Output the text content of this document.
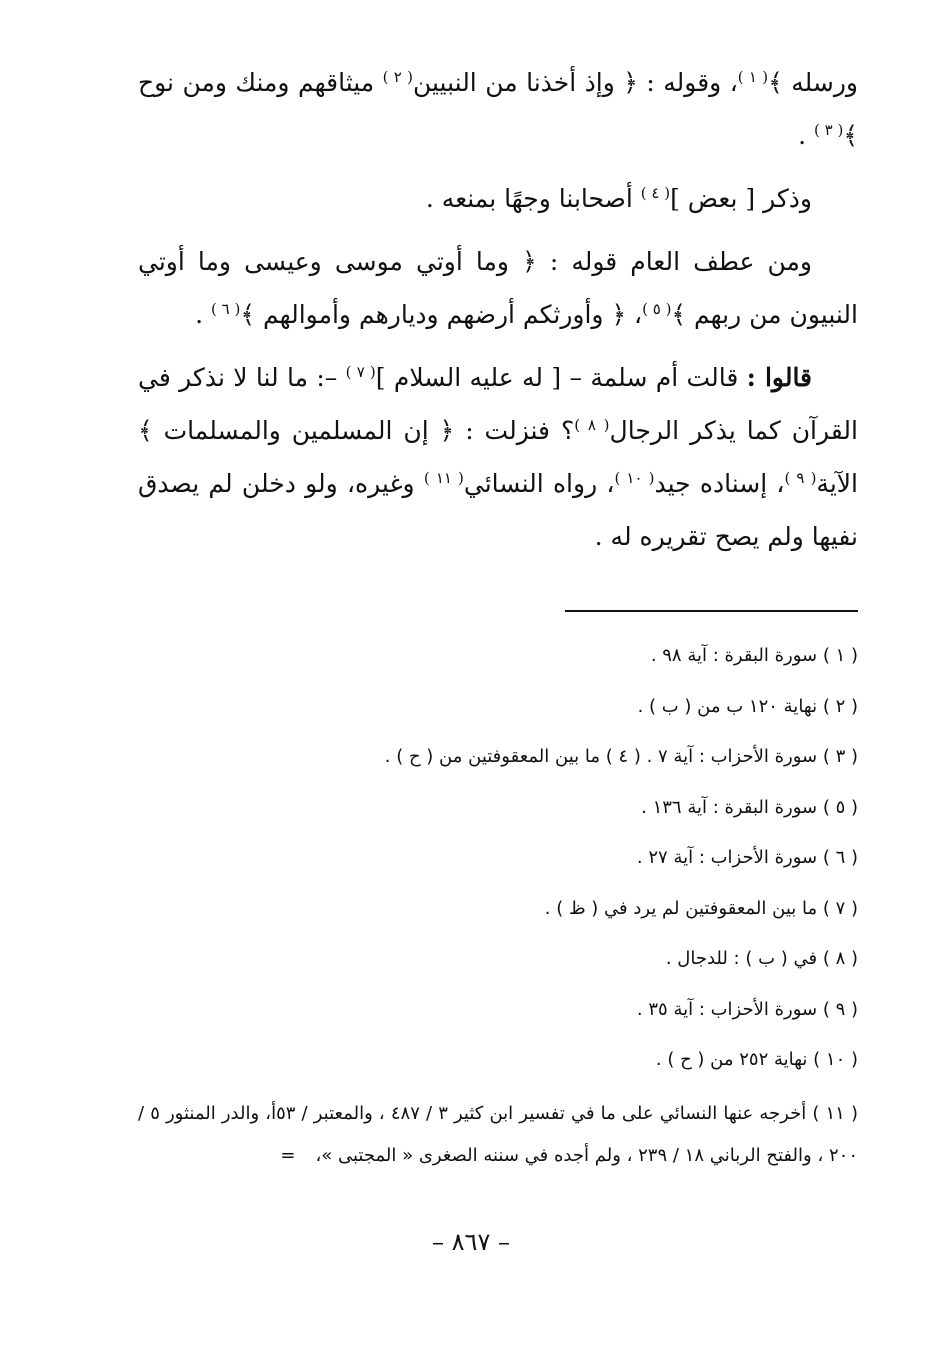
ورسله ﴾$^{( ١ )}$، وقوله : ﴿ وإذ أخذنا من النبيين$^{( ٢ )}$ ميثاقهم ومنك ومن نوح ﴾$^{( ٣ )}$ .

وذكر [ بعض ]$^{( ٤ )}$ أصحابنا وجهًا بمنعه .

ومن عطف العام قوله : ﴿ وما أوتي موسى وعيسى وما أوتي النبيون من ربهم ﴾$^{( ٥ )}$، ﴿ وأورثكم أرضهم وديارهم وأموالهم ﴾$^{( ٦ )}$ .

قالوا : قالت أم سلمة – [ له عليه السلام ]$^{( ٧ )}$ –: ما لنا لا نذكر في القرآن كما يذكر الرجال$^{( ٨ )}$؟ فنزلت : ﴿ إن المسلمين والمسلمات ﴾الآية$^{( ٩ )}$، إسناده جيد$^{( ١٠ )}$، رواه النسائي$^{( ١١ )}$ وغيره، ولو دخلن لم يصدق نفيها ولم يصح تقريره له .

( ١ ) سورة البقرة : آية ٩٨ .
( ٢ ) نهاية ١٢٠ ب من ( ب ) .
( ٣ ) سورة الأحزاب : آية ٧ . ( ٤ ) ما بين المعقوفتين من ( ح ) .
( ٥ ) سورة البقرة : آية ١٣٦ .
( ٦ ) سورة الأحزاب : آية ٢٧ .
( ٧ ) ما بين المعقوفتين لم يرد في ( ظ ) .
( ٨ ) في ( ب ) : للدجال .
( ٩ ) سورة الأحزاب : آية ٣٥ .
( ١٠ ) نهاية ٢٥٢ من ( ح ) .
( ١١ ) أخرجه عنها النسائي على ما في تفسير ابن كثير ٣ / ٤٨٧ ، والمعتبر / ٥٣أ، والدر المنثور ٥ / ٢٠٠ ، والفتح الرباني ١٨ / ٢٣٩ ، ولم أجده في سننه الصغرى « المجتبى »،=
– ٨٦٧ –
